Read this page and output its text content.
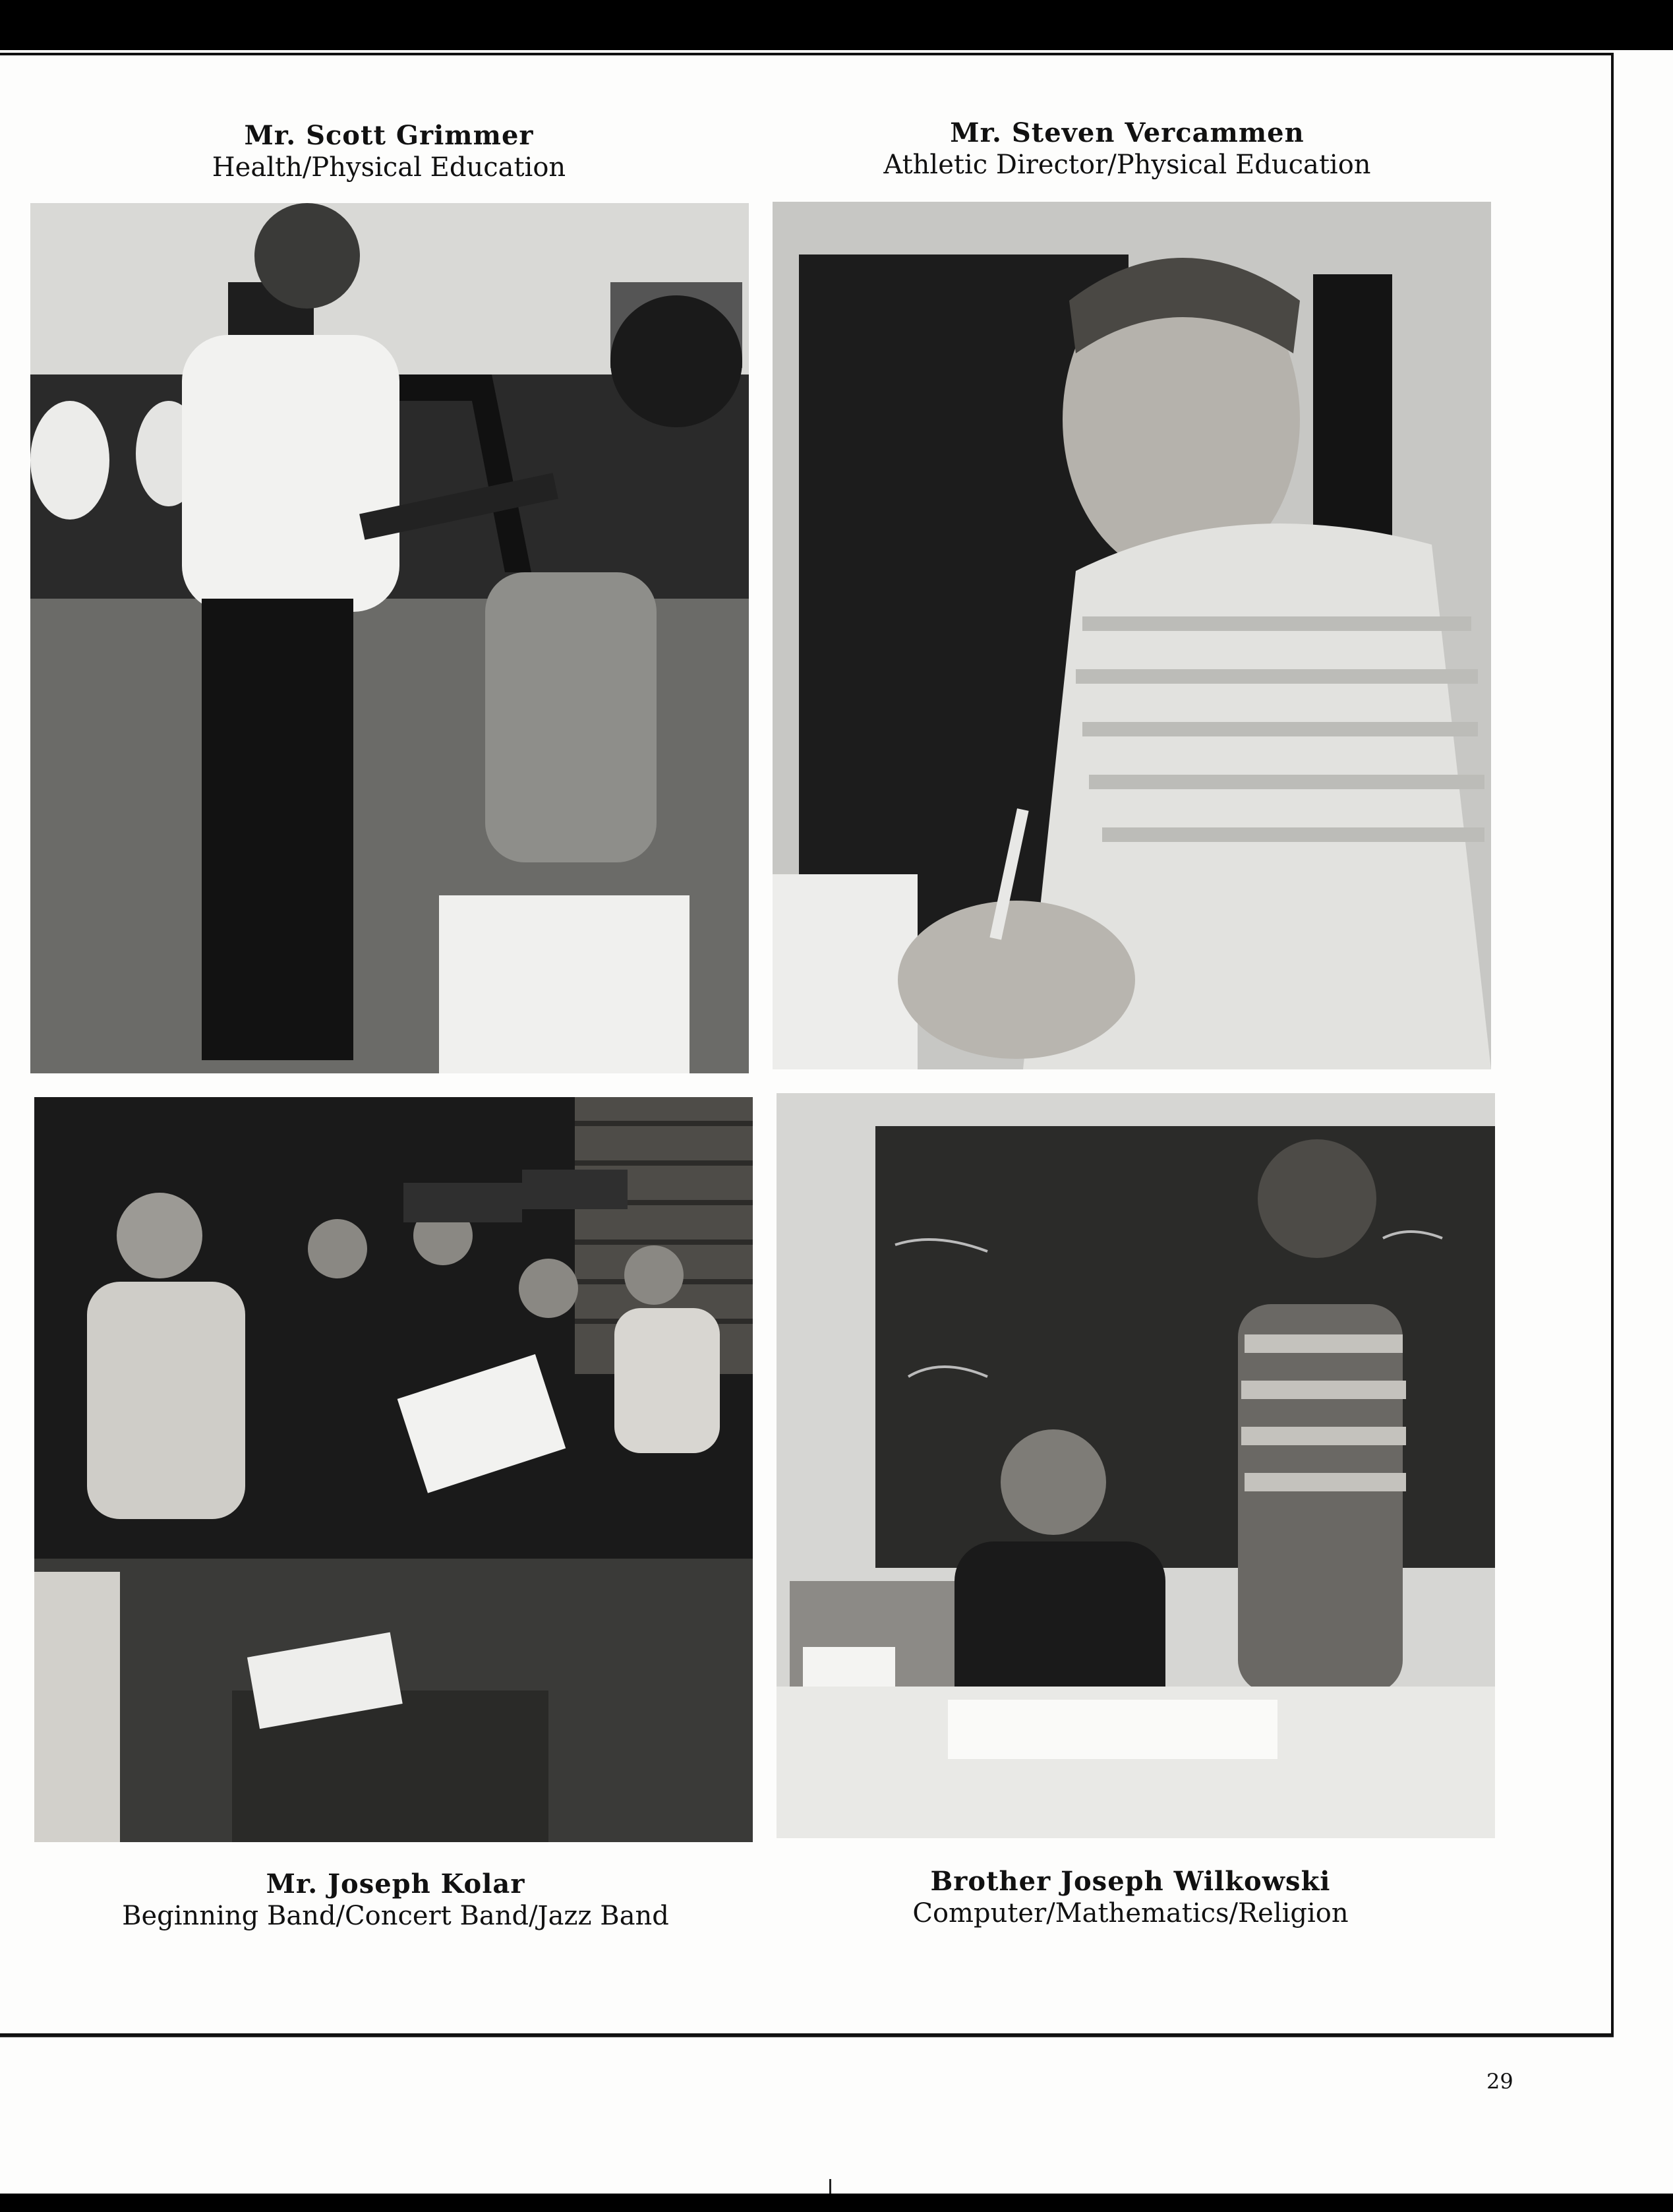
Mr. Scott Grimmer
Health/Physical Education
Mr. Steven Vercammen
Athletic Director/Physical Education
Mr. Joseph Kolar
Beginning Band/Concert Band/Jazz Band
Brother Joseph Wilkowski
Computer/Mathematics/Religion
29
